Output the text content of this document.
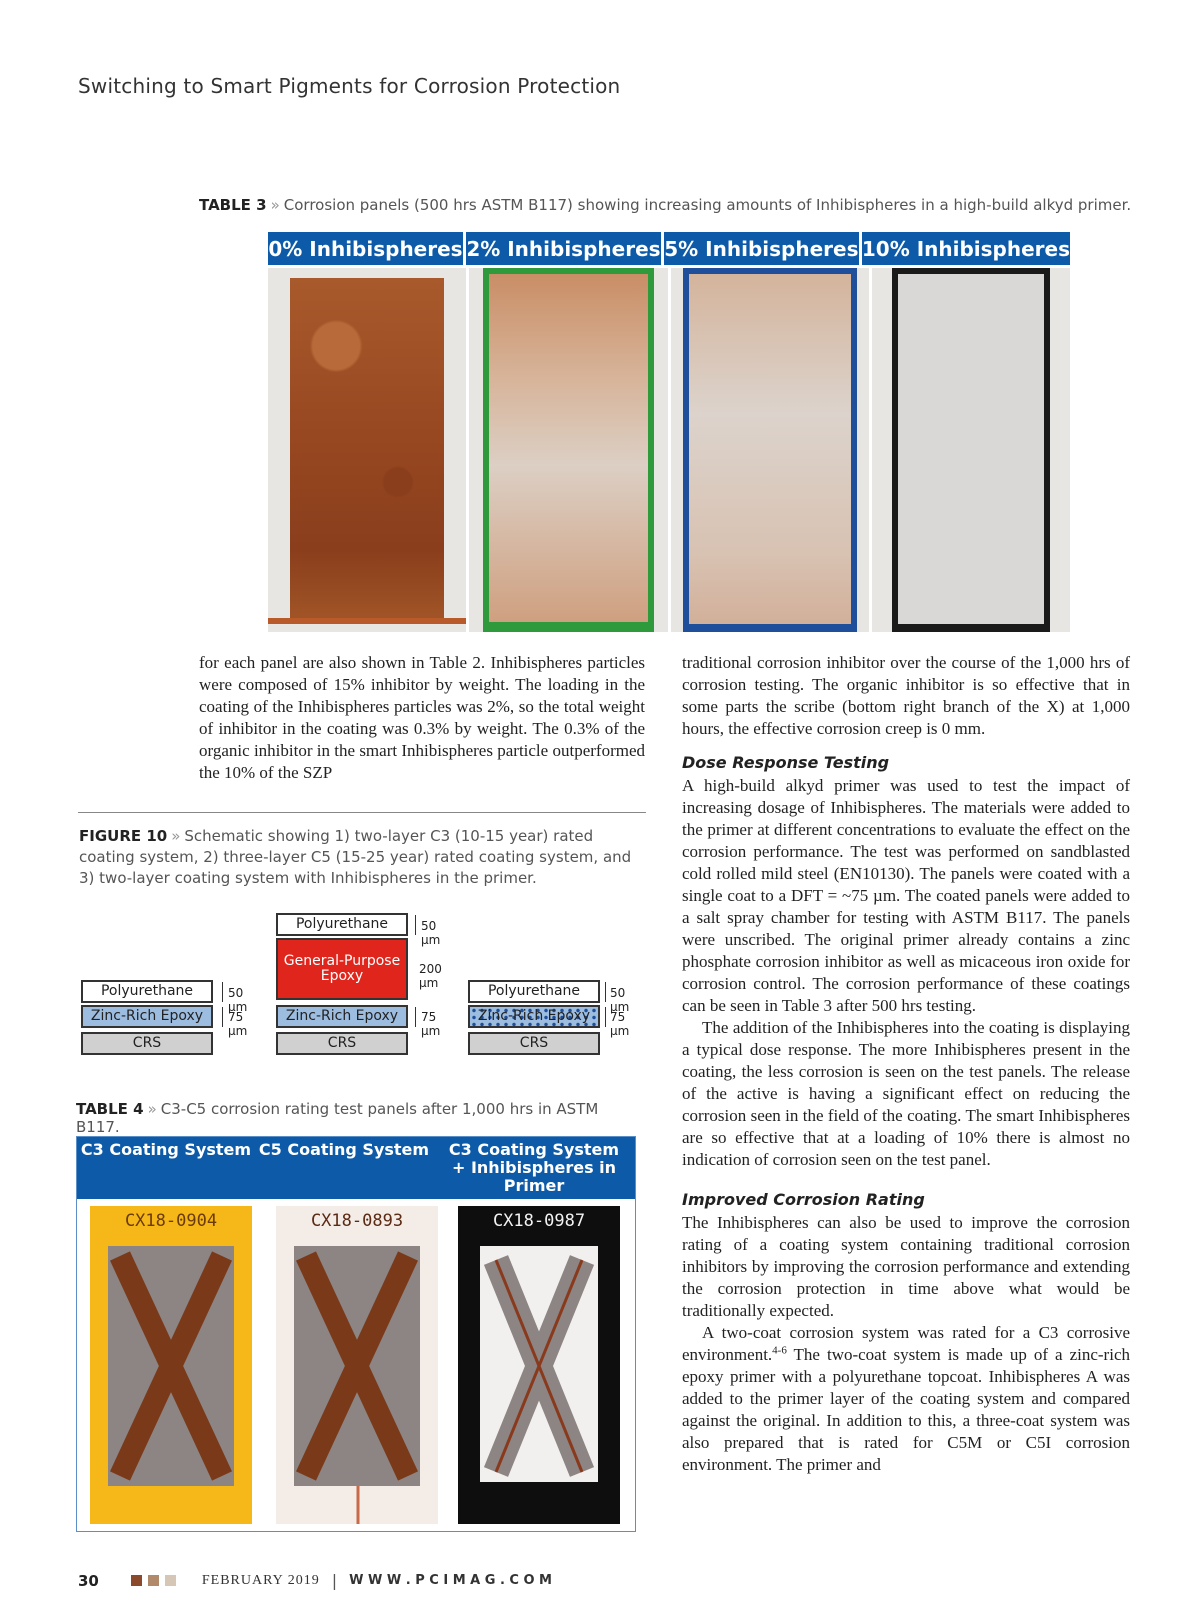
Switching to Smart Pigments for Corrosion Protection
TABLE 3 » Corrosion panels (500 hrs ASTM B117) showing increasing amounts of Inhibispheres in a high-build alkyd primer.
0% Inhibispheres 2% Inhibispheres 5% Inhibispheres 10% Inhibispheres

for each panel are also shown in Table 2. Inhibispheres particles were composed of 15% inhibitor by weight. The loading in the coating of the Inhibispheres particles was 2%, so the total weight of inhibitor in the coating was 0.3% by weight. The 0.3% of the organic inhibitor in the smart Inhibispheres particle outperformed the 10% of the SZP

FIGURE 10 » Schematic showing 1) two-layer C3 (10-15 year) rated coating system, 2) three-layer C5 (15-25 year) rated coating system, and 3) two-layer coating system with Inhibispheres in the primer.
Polyurethane
Zinc-Rich Epoxy
CRS
50 µm
75 µm
Polyurethane
General-Purpose Epoxy
Zinc-Rich Epoxy
CRS
50 µm
200 µm
75 µm
Polyurethane
Zinc-Rich Epoxy
CRS
50 µm
75 µm
TABLE 4 » C3-C5 corrosion rating test panels after 1,000 hrs in ASTM B117.
C3 Coating System C5 Coating System	C3 Coating System + Inhibispheres in Primer
CX18-0904	CX18-0893	CX18-0987

traditional corrosion inhibitor over the course of the 1,000 hrs of corrosion testing. The organic inhibitor is so effective that in some parts the scribe (bottom right branch of the X) at 1,000 hours, the effective corrosion creep is 0 mm.

Dose Response Testing

A high-build alkyd primer was used to test the impact of increasing dosage of Inhibispheres. The materials were added to the primer at different concentrations to evaluate the effect on the corrosion performance. The test was performed on sandblasted cold rolled mild steel (EN10130). The panels were coated with a single coat to a DFT = ~75 µm. The coated panels were added to a salt spray chamber for testing with ASTM B117. The panels were unscribed. The original primer already contains a zinc phosphate corrosion inhibitor as well as micaceous iron oxide for corrosion control. The corrosion performance of these coatings can be seen in Table 3 after 500 hrs testing.

The addition of the Inhibispheres into the coating is displaying a typical dose response. The more Inhibispheres present in the coating, the less corrosion is seen on the test panels. The release of the active is having a significant effect on reducing the corrosion seen in the field of the coating. The smart Inhibispheres are so effective that at a loading of 10% there is almost no indication of corrosion seen on the test panel.

Improved Corrosion Rating

The Inhibispheres can also be used to improve the corrosion rating of a coating system containing traditional corrosion inhibitors by improving the corrosion performance and extending the corrosion protection in time above what would be traditionally expected.

A two-coat corrosion system was rated for a C3 corrosive environment.$^{4-6}$ The two-coat system is made up of a zinc-rich epoxy primer with a polyurethane topcoat. Inhibispheres A was added to the primer layer of the coating system and compared against the original. In addition to this, a three-coat system was also prepared that is rated for C5M or C5I corrosion environment. The primer and

30	FEBRUARY 2019 | W W W . P C I M A G . C O M
